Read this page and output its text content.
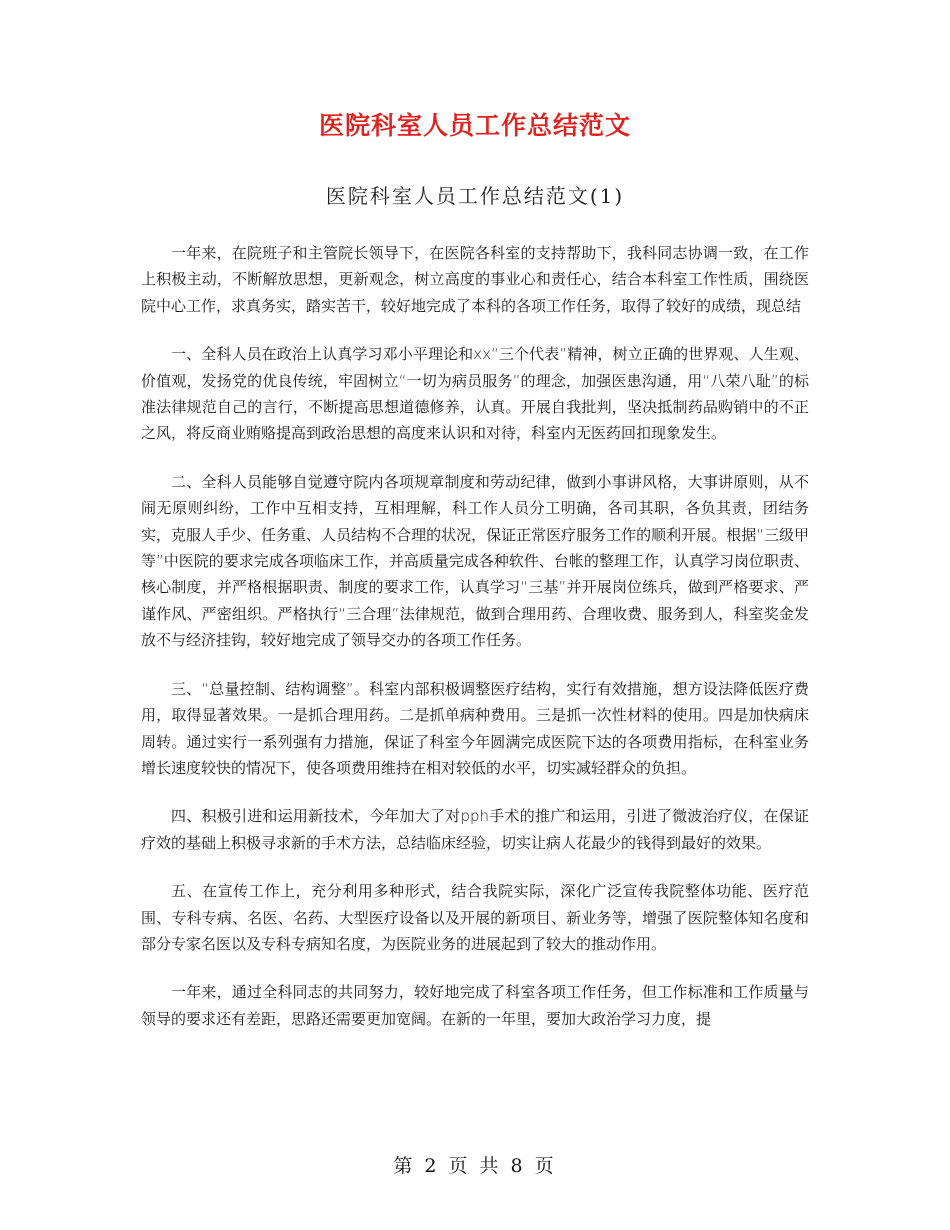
医院科室人员工作总结范文
医院科室人员工作总结范文(1)

一年来，在院班子和主管院长领导下，在医院各科室的支持帮助下，我科同志协调一致，在工作上积极主动，不断解放思想，更新观念，树立高度的事业心和责任心，结合本科室工作性质，围绕医院中心工作，求真务实，踏实苦干，较好地完成了本科的各项工作任务，取得了较好的成绩，现总结

一、全科人员在政治上认真学习邓小平理论和xx“三个代表”精神，树立正确的世界观、人生观、价值观，发扬党的优良传统，牢固树立“一切为病员服务”的理念，加强医患沟通，用“八荣八耻”的标准法律规范自己的言行，不断提高思想道德修养，认真。开展自我批判，坚决抵制药品购销中的不正之风，将反商业贿赂提高到政治思想的高度来认识和对待，科室内无医药回扣现象发生。

二、全科人员能够自觉遵守院内各项规章制度和劳动纪律，做到小事讲风格，大事讲原则，从不闹无原则纠纷，工作中互相支持，互相理解，科工作人员分工明确，各司其职，各负其责，团结务实，克服人手少、任务重、人员结构不合理的状况，保证正常医疗服务工作的顺利开展。根据“三级甲等”中医院的要求完成各项临床工作，并高质量完成各种软件、台帐的整理工作，认真学习岗位职责、核心制度，并严格根据职责、制度的要求工作，认真学习“三基”并开展岗位练兵，做到严格要求、严谨作风、严密组织。严格执行“三合理”法律规范，做到合理用药、合理收费、服务到人，科室奖金发放不与经济挂钩，较好地完成了领导交办的各项工作任务。

三、“总量控制、结构调整”。科室内部积极调整医疗结构，实行有效措施，想方设法降低医疗费用，取得显著效果。一是抓合理用药。二是抓单病种费用。三是抓一次性材料的使用。四是加快病床周转。通过实行一系列强有力措施，保证了科室今年圆满完成医院下达的各项费用指标，在科室业务增长速度较快的情况下，使各项费用维持在相对较低的水平，切实减轻群众的负担。

四、积极引进和运用新技术，今年加大了对pph手术的推广和运用，引进了微波治疗仪，在保证疗效的基础上积极寻求新的手术方法，总结临床经验，切实让病人花最少的钱得到最好的效果。

五、在宣传工作上，充分利用多种形式，结合我院实际，深化广泛宣传我院整体功能、医疗范围、专科专病、名医、名药、大型医疗设备以及开展的新项目、新业务等，增强了医院整体知名度和部分专家名医以及专科专病知名度，为医院业务的进展起到了较大的推动作用。

一年来，通过全科同志的共同努力，较好地完成了科室各项工作任务，但工作标准和工作质量与领导的要求还有差距，思路还需要更加宽阔。在新的一年里，要加大政治学习力度，提

第 2 页 共 8 页
